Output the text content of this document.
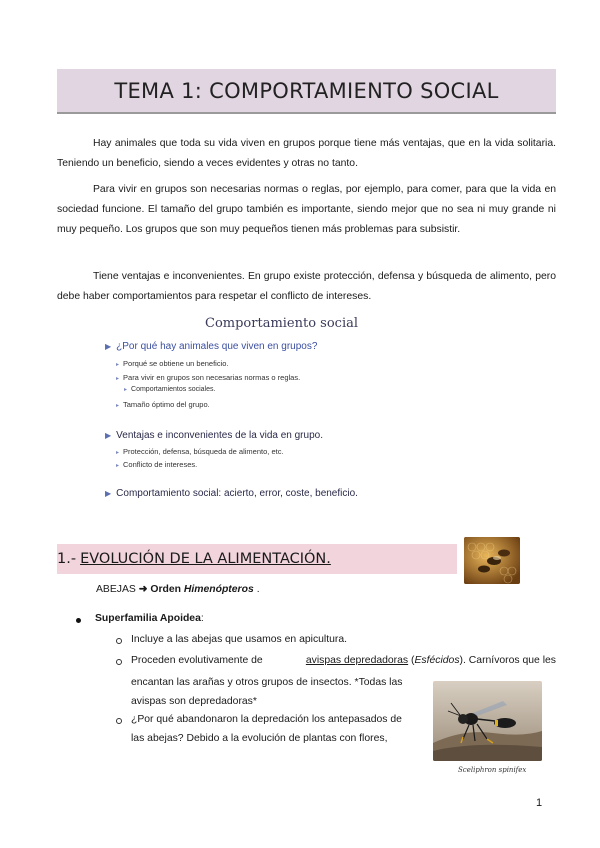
TEMA 1: COMPORTAMIENTO SOCIAL

Hay animales que toda su vida viven en grupos porque tiene más ventajas, que en la vida solitaria. Teniendo un beneficio, siendo a veces evidentes y otras no tanto.

Para vivir en grupos son necesarias normas o reglas, por ejemplo, para comer, para que la vida en sociedad funcione. El tamaño del grupo también es importante, siendo mejor que no sea ni muy grande ni muy pequeño. Los grupos que son muy pequeños tienen más problemas para subsistir.

Tiene ventajas e inconvenientes. En grupo existe protección, defensa y búsqueda de alimento, pero debe haber comportamientos para respetar el conflicto de intereses.

Comportamiento social
▶ ¿Por qué hay animales que viven en grupos?
▸ Porqué se obtiene un beneficio.
▸ Para vivir en grupos son necesarias normas o reglas.
▸ Comportamientos sociales.
▸ Tamaño óptimo del grupo.
▶ Ventajas e inconvenientes de la vida en grupo.
▸ Protección, defensa, búsqueda de alimento, etc.
▸ Conflicto de intereses.
▶ Comportamiento social: acierto, error, coste, beneficio.
1.- EVOLUCIÓN DE LA ALIMENTACIÓN.
ABEJAS ➜ Orden Himenópteros .
Superfamilia Apoidea:
Incluye a las abejas que usamos en apicultura.
Proceden evolutivamente de	avispas depredadoras (Esfécidos). Carnívoros que les
encantan las arañas y otros grupos de insectos. *Todas las
avispas son depredadoras*
¿Por qué abandonaron la depredación los antepasados de
las abejas? Debido a la evolución de plantas con flores,
Sceliphron spinifex
1
